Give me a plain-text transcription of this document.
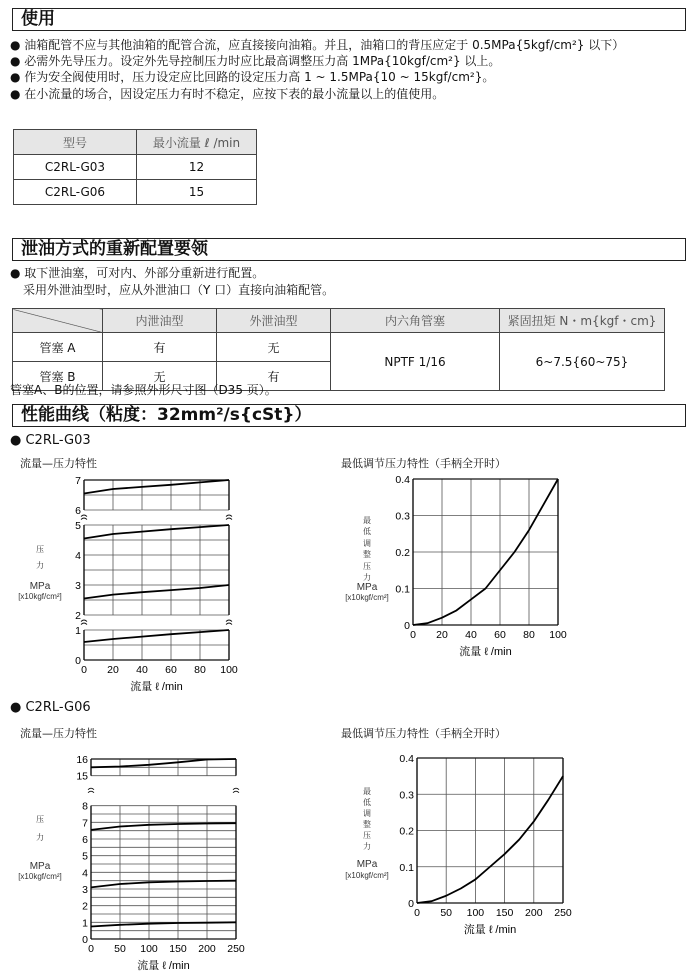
使用
● 油箱配管不应与其他油箱的配管合流，应直接接向油箱。并且，油箱口的背压应定于 0.5MPa{5kgf/cm²} 以下）
● 必需外先导压力。设定外先导控制压力时应比最高调整压力高 1MPa{10kgf/cm²} 以上。
● 作为安全阀使用时，压力设定应比回路的设定压力高 1 ~ 1.5MPa{10 ~ 15kgf/cm²}。
● 在小流量的场合，因设定压力有时不稳定，应按下表的最小流量以上的值使用。
型号	最小流量 ℓ /min
C2RL-G03	12
C2RL-G06	15
泄油方式的重新配置要领
● 取下泄油塞，可对内、外部分重新进行配置。
采用外泄油型时，应从外泄油口（Y 口）直接向油箱配管。
	内泄油型	外泄油型	内六角管塞	紧固扭矩 N・m{kgf・cm}
管塞 A	有	无	NPTF 1/16	6~7.5{60~75}
管塞 B	无	有		
管塞A、B的位置，请参照外形尺寸图（D35 页）。
性能曲线（粘度：32mm²/s{cSt}）
● C2RL-G03
流量—压力特性	最低调节压力特性（手柄全开时）
● C2RL-G06
流量—压力特性	最低调节压力特性（手柄全开时）
0 20 40 60 80 100
0
1
2
3
4
5
6
7
压
力
MPa
[x10kgf/cm²]
流量 ℓ /min
0 20 40 60 80 100
0
0.1
0.2
0.3
0.4
最
低
调
整
压
力
MPa
[x10kgf/cm²]
流量 ℓ /min
0 50 100 150 200 250
0
1
2
3
4
5
6
7
8
15
16
压
力
MPa
[x10kgf/cm²]
流量 ℓ /min
0 50 100 150 200 250
0
0.1
0.2
0.3
0.4
最
低
调
整
压
力
MPa
[x10kgf/cm²]
流量 ℓ /min
